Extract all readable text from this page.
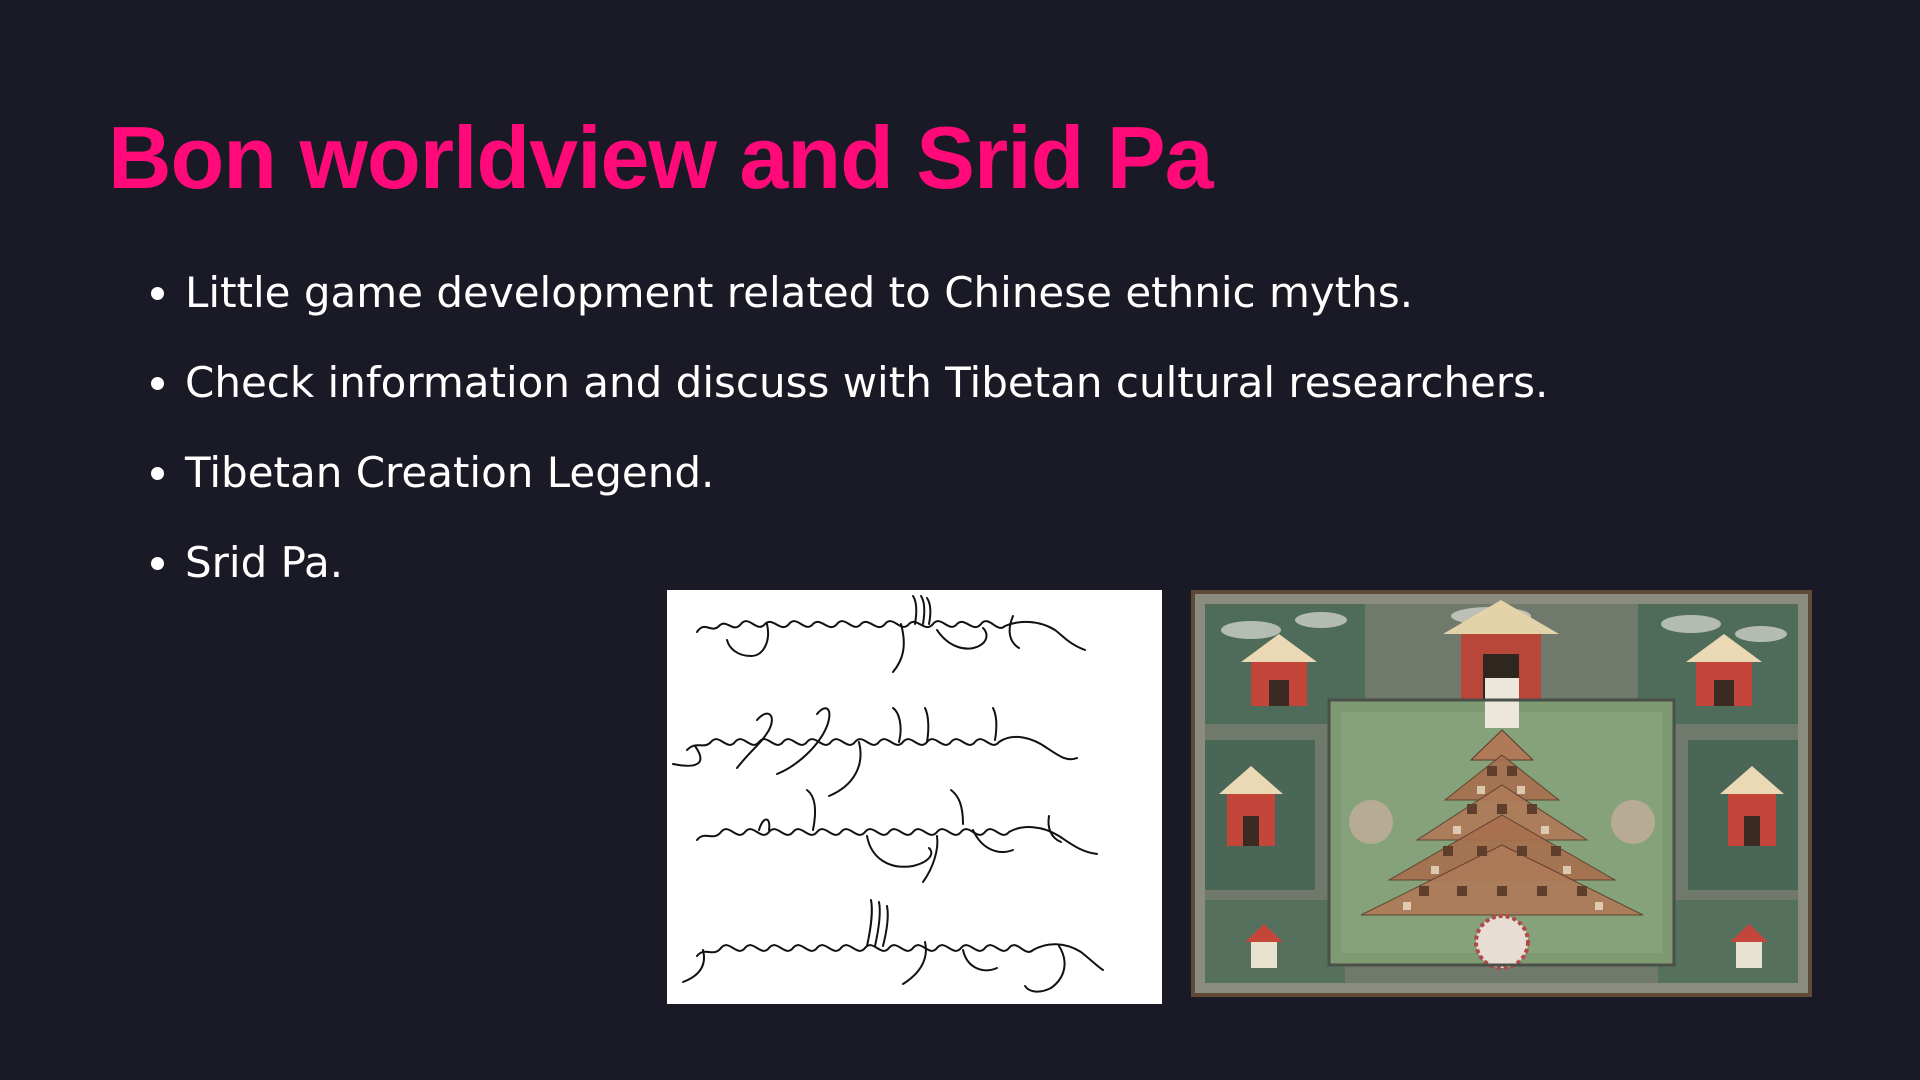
Bon worldview and Srid Pa
Little game development related to Chinese ethnic myths.
Check information and discuss with Tibetan cultural researchers.
Tibetan Creation Legend.
Srid Pa.
